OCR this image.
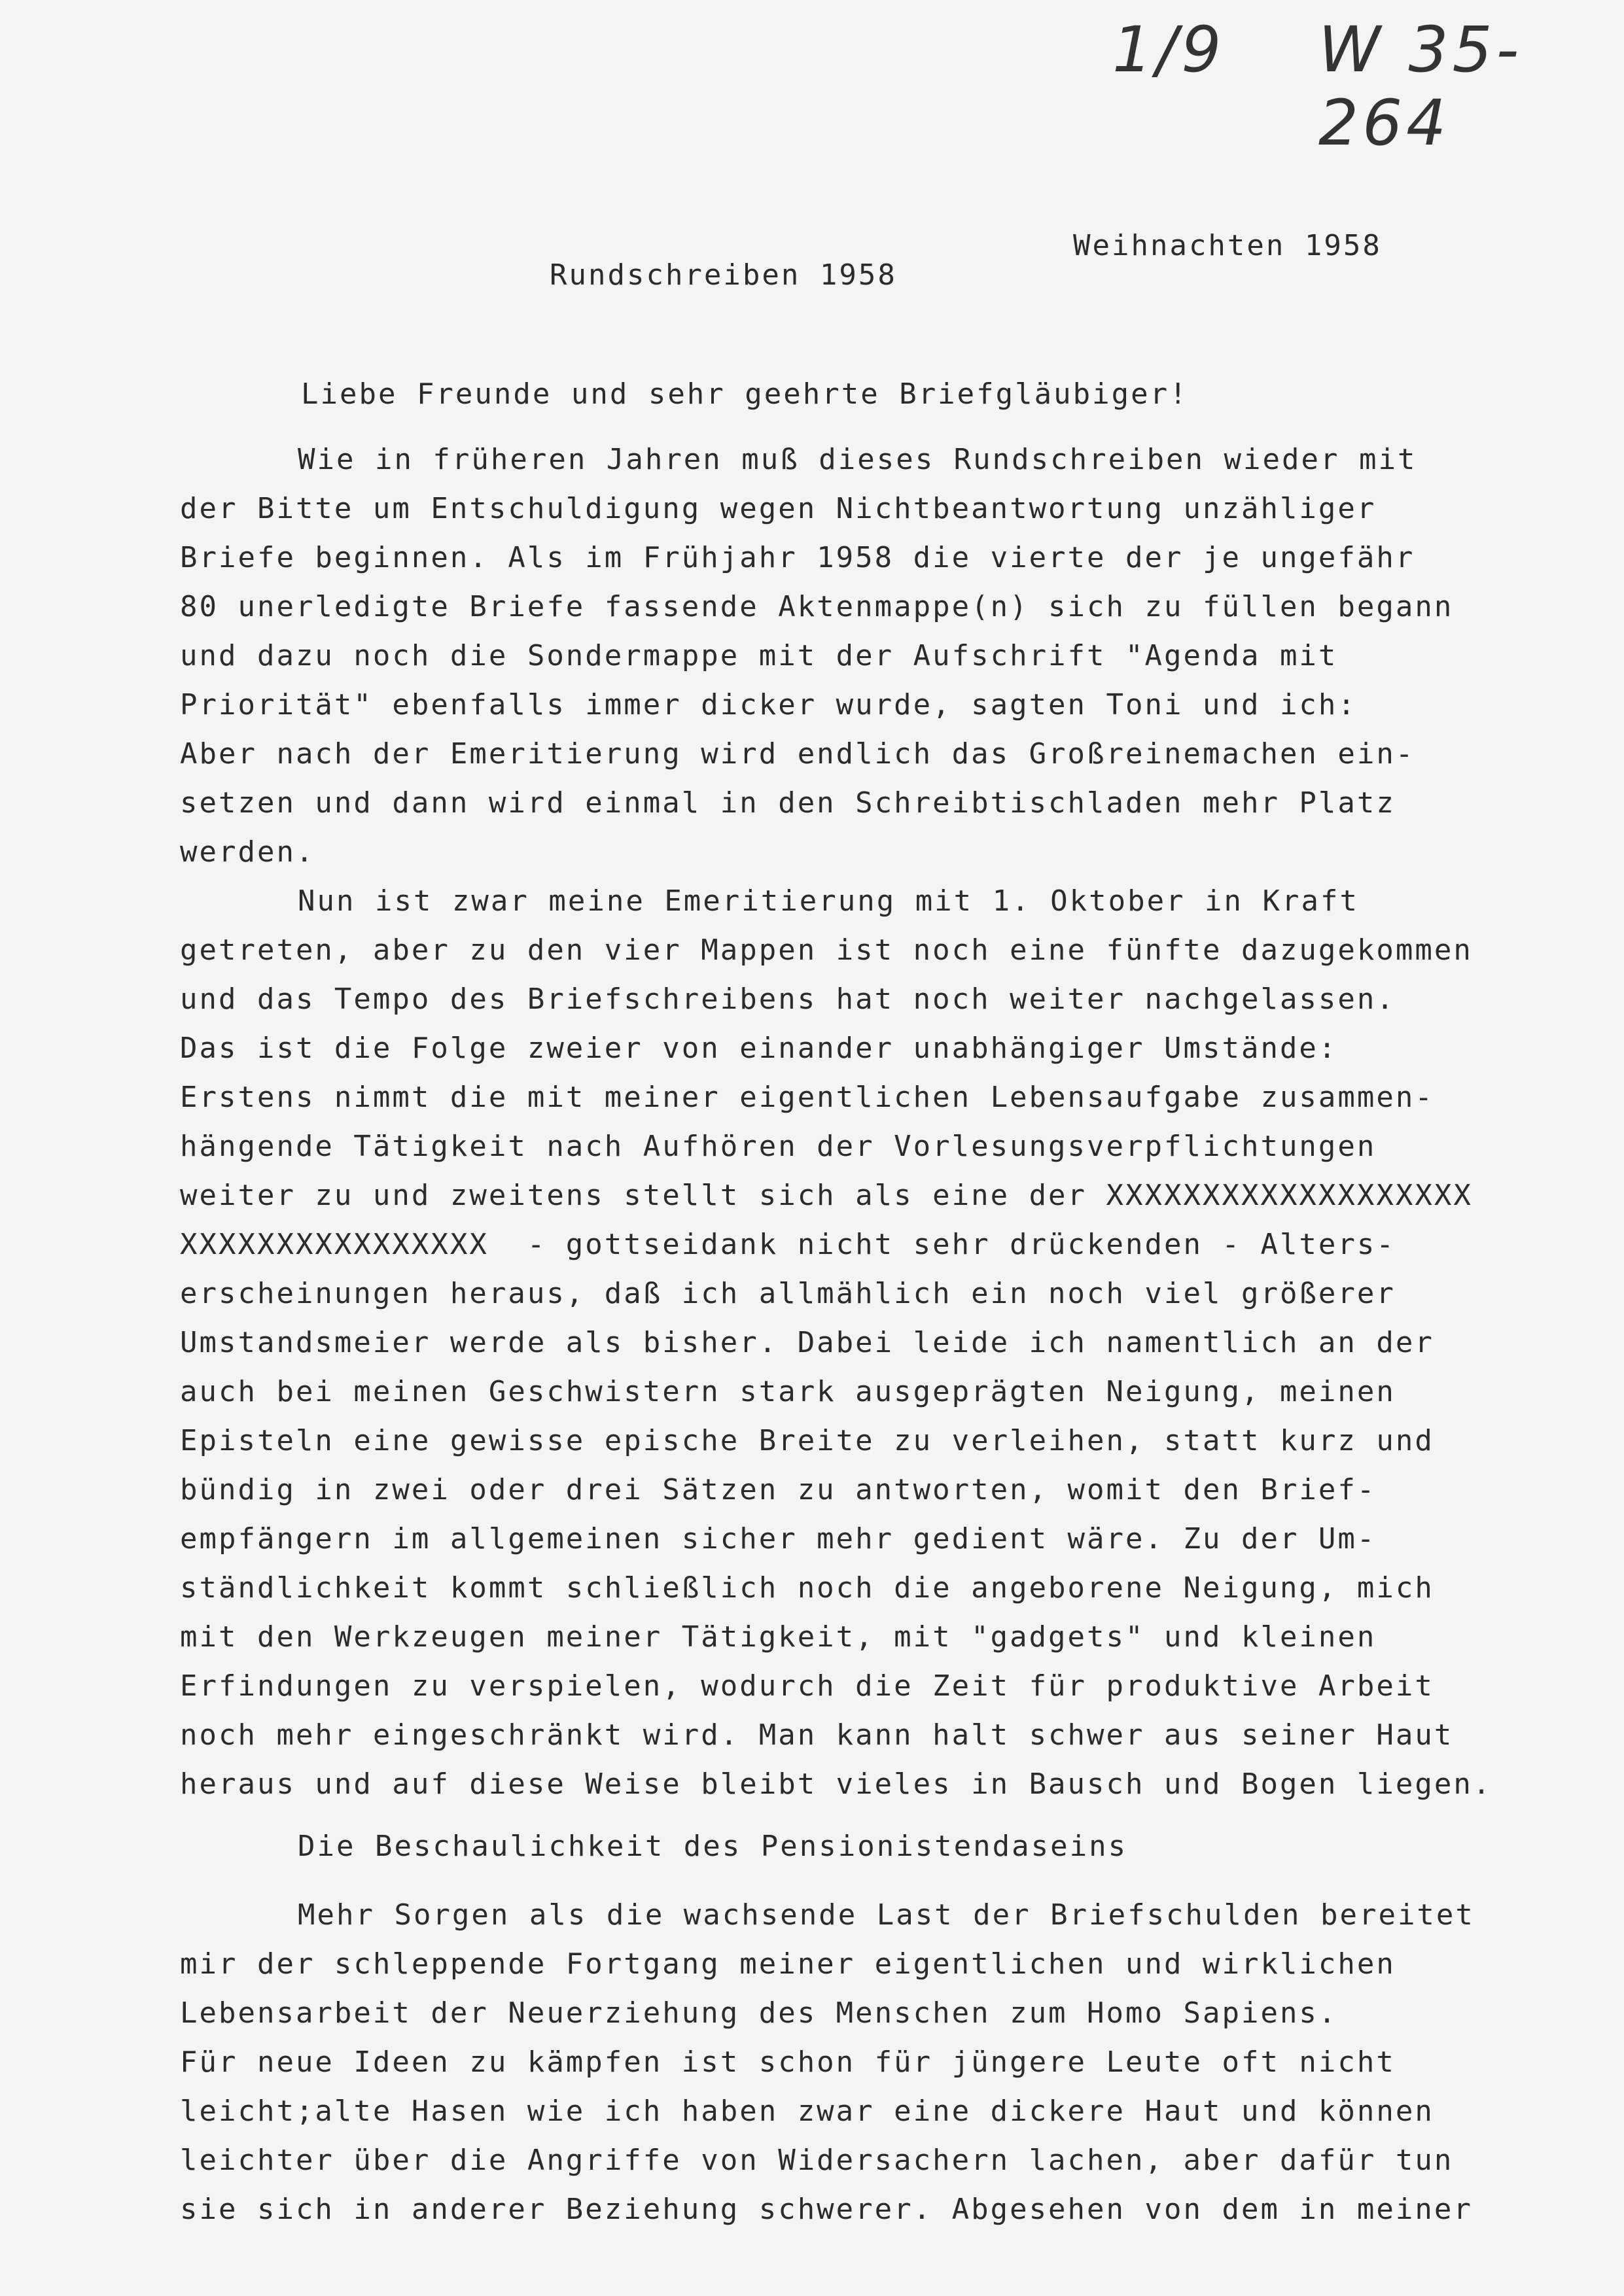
1/9 W 35-264
Weihnachten 1958
Rundschreiben 1958
Liebe Freunde und sehr geehrte Briefgläubiger!
Wie in früheren Jahren muß dieses Rundschreiben wieder mit
der Bitte um Entschuldigung wegen Nichtbeantwortung unzähliger
Briefe beginnen. Als im Frühjahr 1958 die vierte der je ungefähr
80 unerledigte Briefe fassende Aktenmappe(n) sich zu füllen begann
und dazu noch die Sondermappe mit der Aufschrift "Agenda mit
Priorität" ebenfalls immer dicker wurde, sagten Toni und ich:
Aber nach der Emeritierung wird endlich das Großreinemachen ein-
setzen und dann wird einmal in den Schreibtischladen mehr Platz
werden.
Nun ist zwar meine Emeritierung mit 1. Oktober in Kraft
getreten, aber zu den vier Mappen ist noch eine fünfte dazugekommen
und das Tempo des Briefschreibens hat noch weiter nachgelassen.
Das ist die Folge zweier von einander unabhängiger Umstände:
Erstens nimmt die mit meiner eigentlichen Lebensaufgabe zusammen-
hängende Tätigkeit nach Aufhören der Vorlesungsverpflichtungen
weiter zu und zweitens stellt sich als eine der XXXXXXXXXXXXXXXXXXX
XXXXXXXXXXXXXXXX  - gottseidank nicht sehr drückenden - Alters-
erscheinungen heraus, daß ich allmählich ein noch viel größerer
Umstandsmeier werde als bisher. Dabei leide ich namentlich an der
auch bei meinen Geschwistern stark ausgeprägten Neigung, meinen
Episteln eine gewisse epische Breite zu verleihen, statt kurz und
bündig in zwei oder drei Sätzen zu antworten, womit den Brief-
empfängern im allgemeinen sicher mehr gedient wäre. Zu der Um-
ständlichkeit kommt schließlich noch die angeborene Neigung, mich
mit den Werkzeugen meiner Tätigkeit, mit "gadgets" und kleinen
Erfindungen zu verspielen, wodurch die Zeit für produktive Arbeit
noch mehr eingeschränkt wird. Man kann halt schwer aus seiner Haut
heraus und auf diese Weise bleibt vieles in Bausch und Bogen liegen.
Die Beschaulichkeit des Pensionistendaseins
Mehr Sorgen als die wachsende Last der Briefschulden bereitet
mir der schleppende Fortgang meiner eigentlichen und wirklichen
Lebensarbeit der Neuerziehung des Menschen zum Homo Sapiens.
Für neue Ideen zu kämpfen ist schon für jüngere Leute oft nicht
leicht;alte Hasen wie ich haben zwar eine dickere Haut und können
leichter über die Angriffe von Widersachern lachen, aber dafür tun
sie sich in anderer Beziehung schwerer. Abgesehen von dem in meiner
